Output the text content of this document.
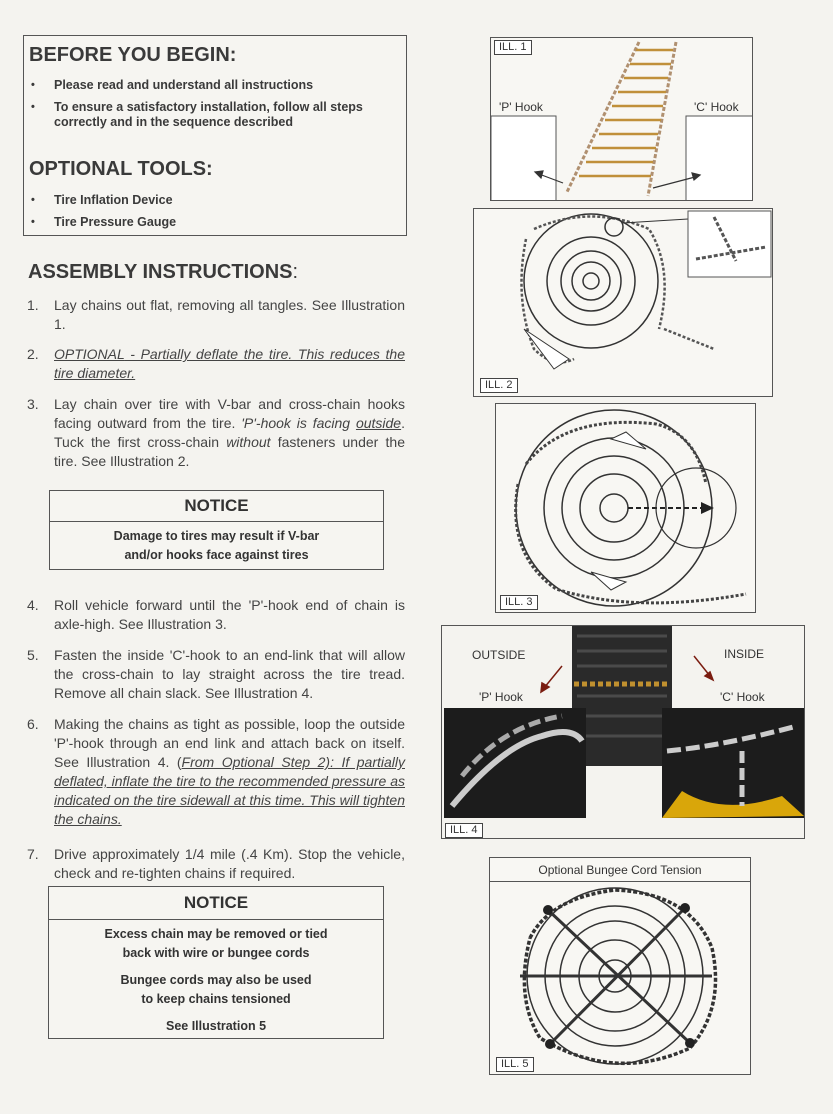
BEFORE YOU BEGIN:
• Please read and understand all instructions
• To ensure a satisfactory installation, follow all steps correctly and in the sequence described
OPTIONAL TOOLS:
• Tire Inflation Device
• Tire Pressure Gauge
ASSEMBLY INSTRUCTIONS:
1. Lay chains out flat, removing all tangles. See Illustration 1.
2. OPTIONAL - Partially deflate the tire. This reduces the tire diameter.
3. Lay chain over tire with V-bar and cross-chain hooks facing outward from the tire. 'P'-hook is facing outside. Tuck the first cross-chain without fasteners under the tire. See Illustration 2.
NOTICE
Damage to tires may result if V-bar
and/or hooks face against tires
4. Roll vehicle forward until the 'P'-hook end of chain is axle-high. See Illustration 3.
5. Fasten the inside 'C'-hook to an end-link that will allow the cross-chain to lay straight across the tire tread. Remove all chain slack. See Illustration 4.
6. Making the chains as tight as possible, loop the outside 'P'-hook through an end link and attach back on itself. See Illustration 4. (From Optional Step 2): If partially deflated, inflate the tire to the recommended pressure as indicated on the tire sidewall at this time. This will tighten the chains.
7. Drive approximately 1/4 mile (.4 Km). Stop the vehicle, check and re-tighten chains if required.
NOTICE
Excess chain may be removed or tied
back with wire or bungee cords
Bungee cords may also be used
to keep chains tensioned
See Illustration 5
ILL. 1
'P' Hook	'C' Hook
ILL. 2
ILL. 3
ILL. 4
OUTSIDE	INSIDE
'P' Hook	'C' Hook
Optional Bungee Cord Tension
ILL. 5
